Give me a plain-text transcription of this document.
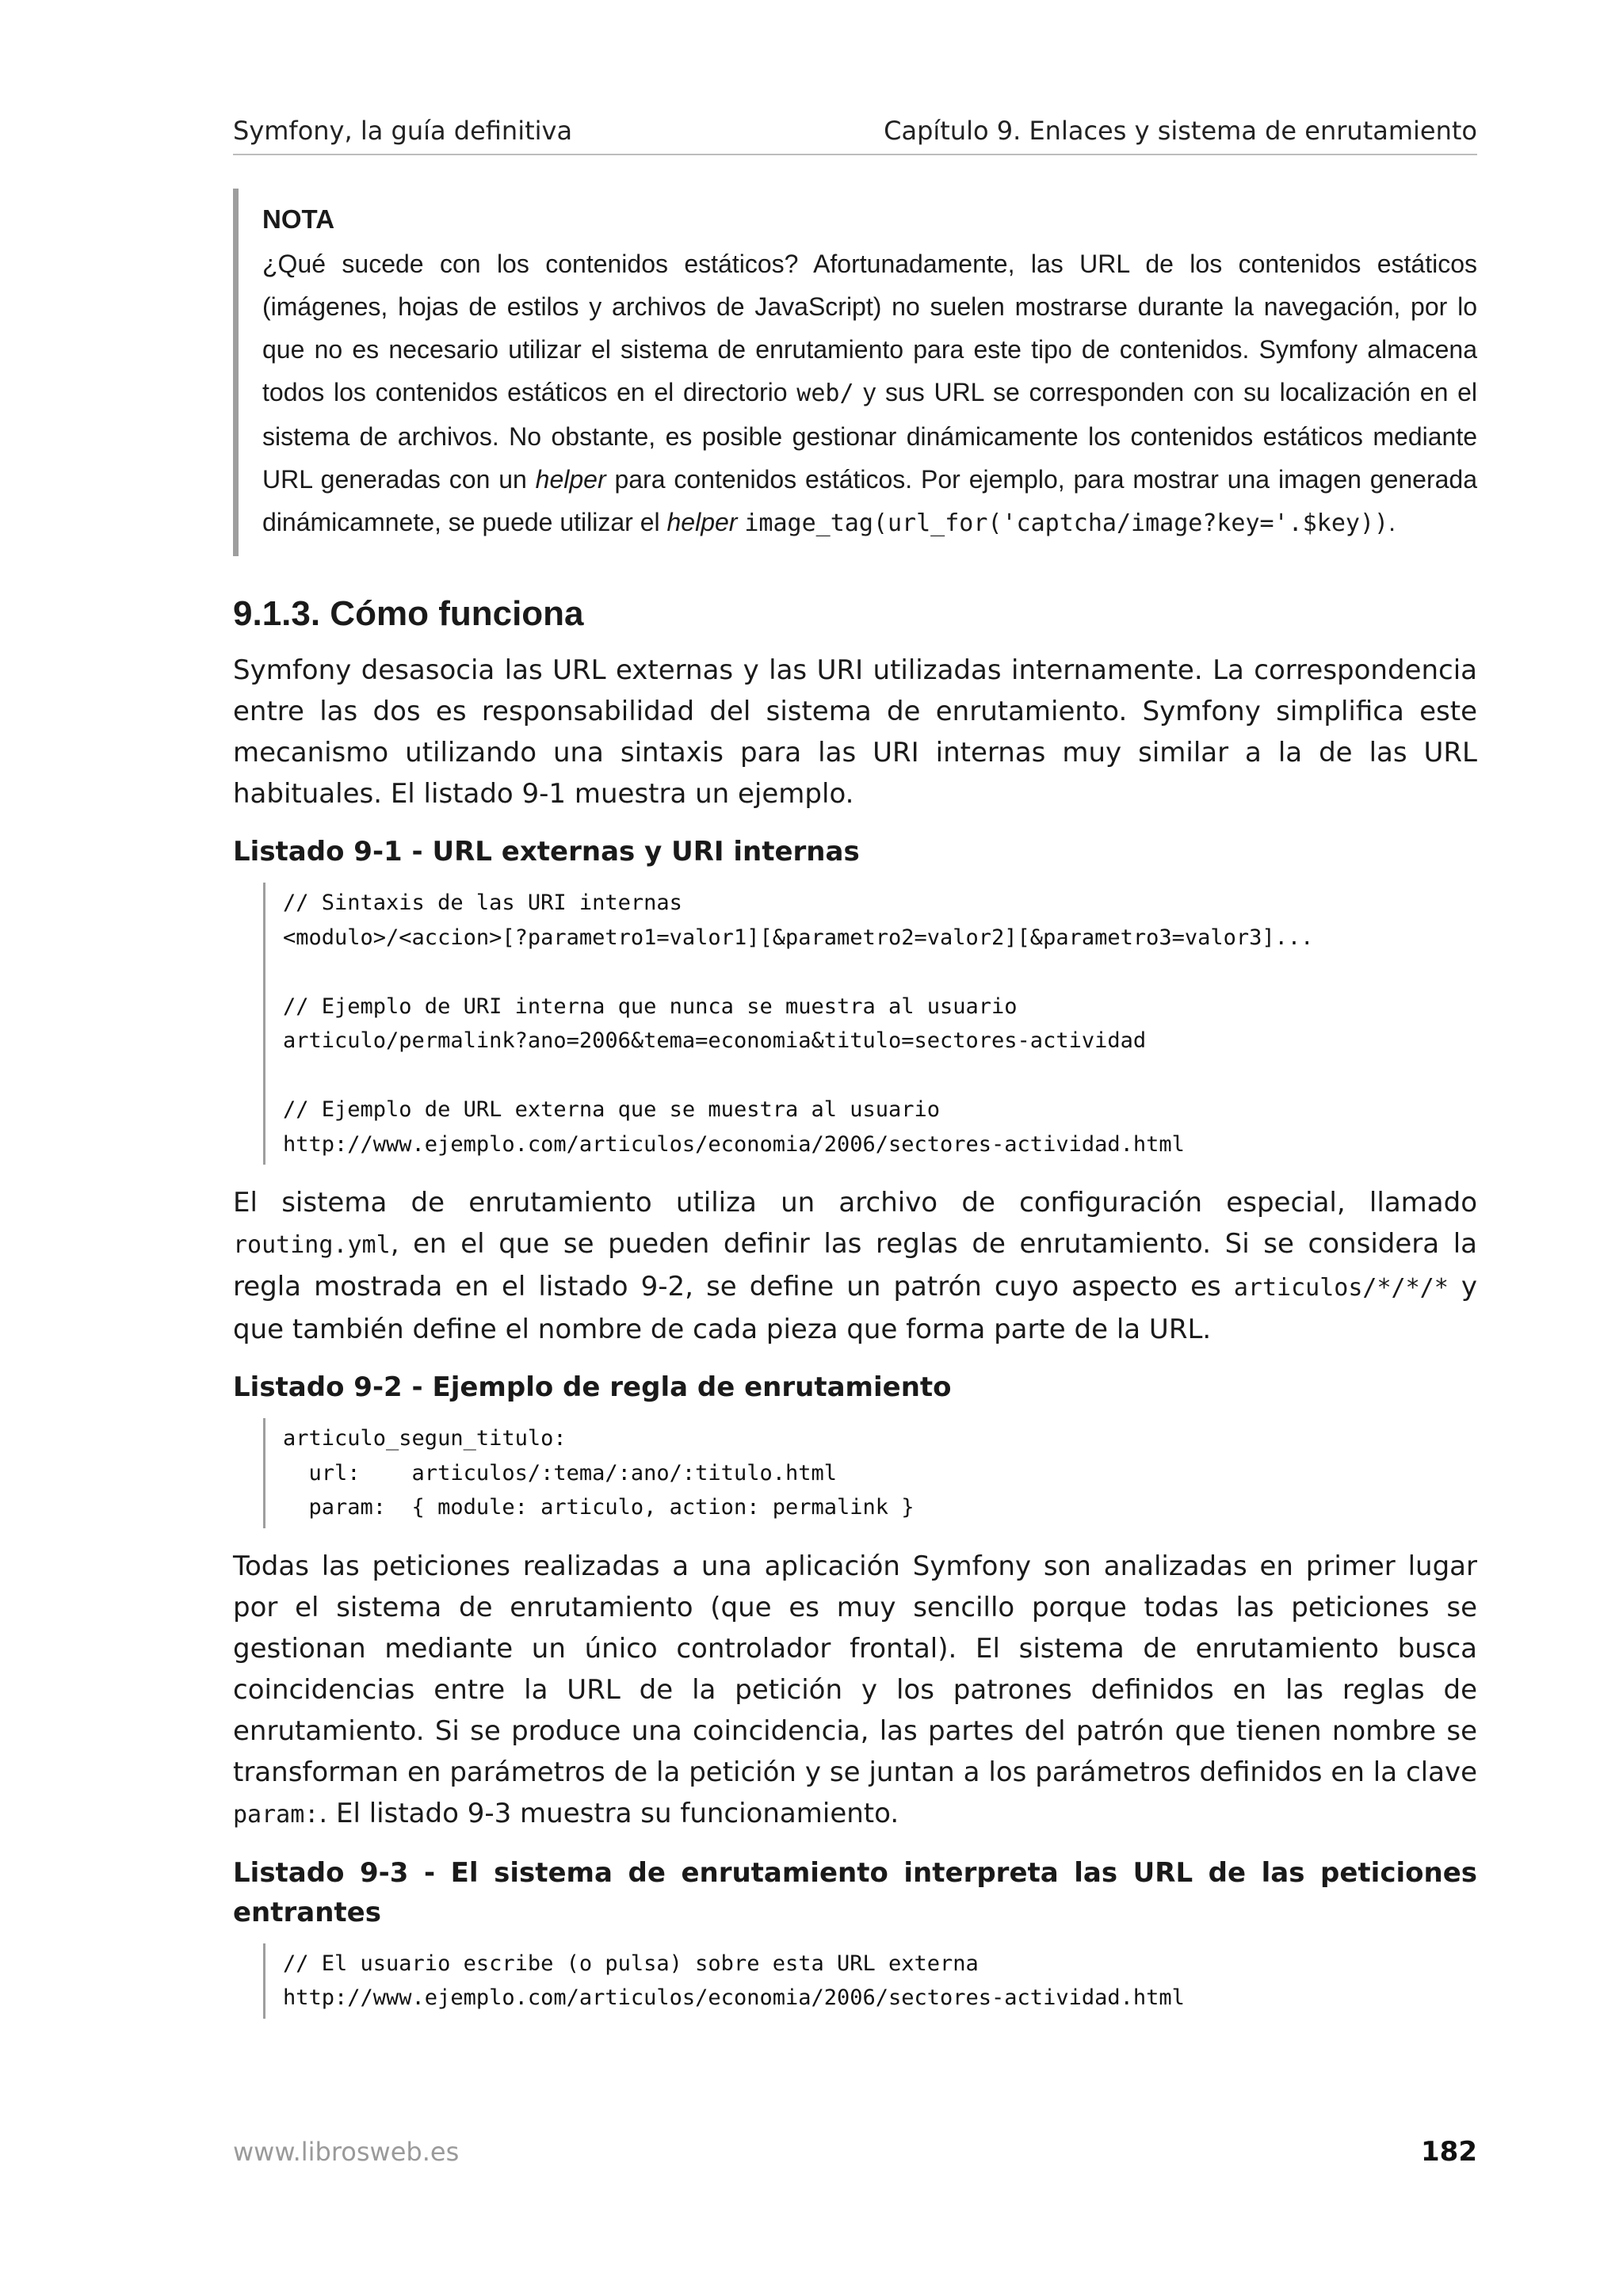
Symfony, la guía definitiva	Capítulo 9. Enlaces y sistema de enrutamiento
NOTA
¿Qué sucede con los contenidos estáticos? Afortunadamente, las URL de los contenidos estáticos (imágenes, hojas de estilos y archivos de JavaScript) no suelen mostrarse durante la navegación, por lo que no es necesario utilizar el sistema de enrutamiento para este tipo de contenidos. Symfony almacena todos los contenidos estáticos en el directorio web/ y sus URL se corresponden con su localización en el sistema de archivos. No obstante, es posible gestionar dinámicamente los contenidos estáticos mediante URL generadas con un helper para contenidos estáticos. Por ejemplo, para mostrar una imagen generada dinámicamnete, se puede utilizar el helper image_tag(url_for('captcha/image?key='.$key)).
9.1.3. Cómo funciona

Symfony desasocia las URL externas y las URI utilizadas internamente. La correspondencia entre las dos es responsabilidad del sistema de enrutamiento. Symfony simplifica este mecanismo utilizando una sintaxis para las URI internas muy similar a la de las URL habituales. El listado 9-1 muestra un ejemplo.

Listado 9-1 - URL externas y URI internas
// Sintaxis de las URI internas
<modulo>/<accion>[?parametro1=valor1][&parametro2=valor2][&parametro3=valor3]...

// Ejemplo de URI interna que nunca se muestra al usuario
articulo/permalink?ano=2006&tema=economia&titulo=sectores-actividad

// Ejemplo de URL externa que se muestra al usuario
http://www.ejemplo.com/articulos/economia/2006/sectores-actividad.html

El sistema de enrutamiento utiliza un archivo de configuración especial, llamado routing.yml, en el que se pueden definir las reglas de enrutamiento. Si se considera la regla mostrada en el listado 9-2, se define un patrón cuyo aspecto es articulos/*/*/* y que también define el nombre de cada pieza que forma parte de la URL.

Listado 9-2 - Ejemplo de regla de enrutamiento
articulo_segun_titulo:
url:    articulos/:tema/:ano/:titulo.html
param:  { module: articulo, action: permalink }

Todas las peticiones realizadas a una aplicación Symfony son analizadas en primer lugar por el sistema de enrutamiento (que es muy sencillo porque todas las peticiones se gestionan mediante un único controlador frontal). El sistema de enrutamiento busca coincidencias entre la URL de la petición y los patrones definidos en las reglas de enrutamiento. Si se produce una coincidencia, las partes del patrón que tienen nombre se transforman en parámetros de la petición y se juntan a los parámetros definidos en la clave param:. El listado 9-3 muestra su funcionamiento.

Listado 9-3 - El sistema de enrutamiento interpreta las URL de las peticiones entrantes
// El usuario escribe (o pulsa) sobre esta URL externa
http://www.ejemplo.com/articulos/economia/2006/sectores-actividad.html

www.librosweb.es	182
